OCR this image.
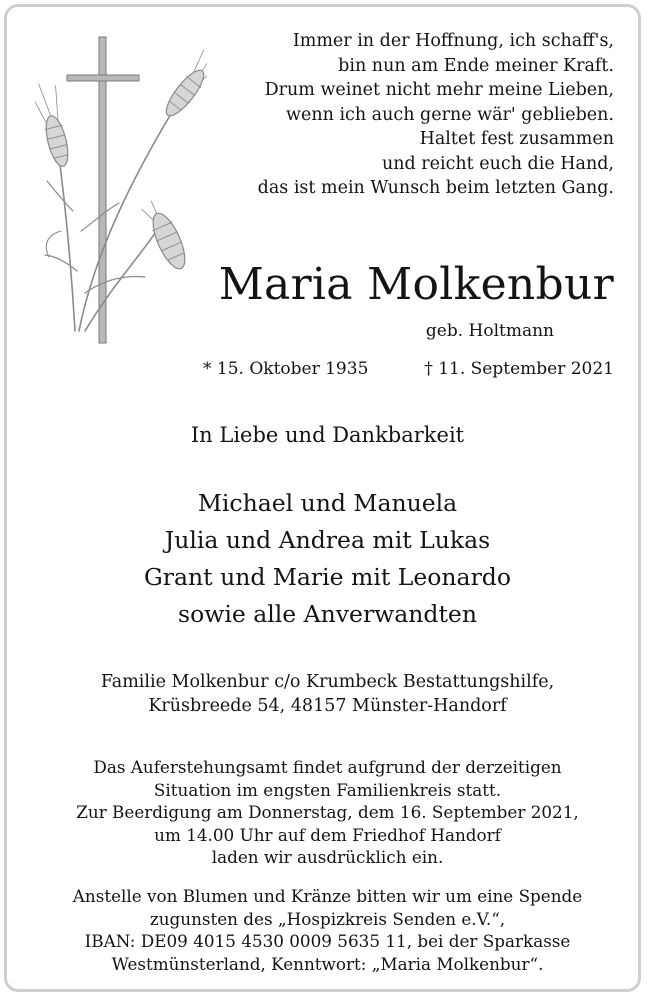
Immer in der Hoffnung, ich schaff's,
bin nun am Ende meiner Kraft.
Drum weinet nicht mehr meine Lieben,
wenn ich auch gerne wär' geblieben.
Haltet fest zusammen
und reicht euch die Hand,
das ist mein Wunsch beim letzten Gang.
Maria Molkenbur
geb. Holtmann
* 15. Oktober 1935	† 11. September 2021
In Liebe und Dankbarkeit
Michael und Manuela
Julia und Andrea mit Lukas
Grant und Marie mit Leonardo
sowie alle Anverwandten
Familie Molkenbur c/o Krumbeck Bestattungshilfe,
Krüsbreede 54, 48157 Münster-Handorf
Das Auferstehungsamt findet aufgrund der derzeitigen
Situation im engsten Familienkreis statt.
Zur Beerdigung am Donnerstag, dem 16. September 2021,
um 14.00 Uhr auf dem Friedhof Handorf
laden wir ausdrücklich ein.
Anstelle von Blumen und Kränze bitten wir um eine Spende
zugunsten des „Hospizkreis Senden e.V.“,
IBAN: DE09 4015 4530 0009 5635 11, bei der Sparkasse
Westmünsterland, Kenntwort: „Maria Molkenbur“.
